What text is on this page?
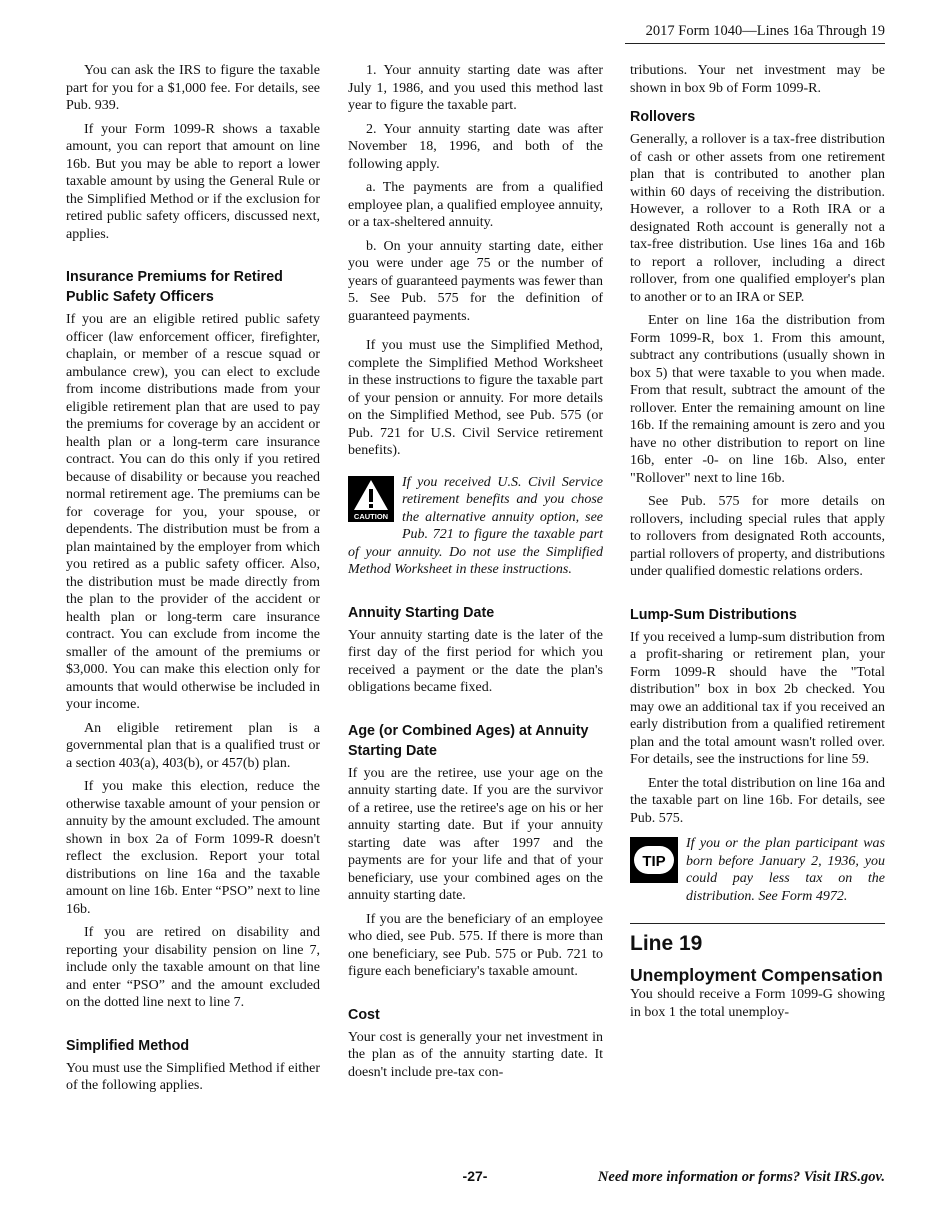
2017 Form 1040—Lines 16a Through 19

You can ask the IRS to figure the taxable part for you for a $1,000 fee. For details, see Pub. 939.

If your Form 1099-R shows a taxable amount, you can report that amount on line 16b. But you may be able to report a lower taxable amount by using the General Rule or the Simplified Method or if the exclusion for retired public safety officers, discussed next, applies.

Insurance Premiums for Retired Public Safety Officers

If you are an eligible retired public safety officer (law enforcement officer, firefighter, chaplain, or member of a rescue squad or ambulance crew), you can elect to exclude from income distributions made from your eligible retirement plan that are used to pay the premiums for coverage by an accident or health plan or a long-term care insurance contract. You can do this only if you retired because of disability or because you reached normal retirement age. The premiums can be for coverage for you, your spouse, or dependents. The distribution must be from a plan maintained by the employer from which you retired as a public safety officer. Also, the distribution must be made directly from the plan to the provider of the accident or health plan or long-term care insurance contract. You can exclude from income the smaller of the amount of the premiums or $3,000. You can make this election only for amounts that would otherwise be included in your income.

An eligible retirement plan is a governmental plan that is a qualified trust or a section 403(a), 403(b), or 457(b) plan.

If you make this election, reduce the otherwise taxable amount of your pension or annuity by the amount excluded. The amount shown in box 2a of Form 1099-R doesn't reflect the exclusion. Report your total distributions on line 16a and the taxable amount on line 16b. Enter “PSO” next to line 16b.

If you are retired on disability and reporting your disability pension on line 7, include only the taxable amount on that line and enter “PSO” and the amount excluded on the dotted line next to line 7.

Simplified Method

You must use the Simplified Method if either of the following applies.

1. Your annuity starting date was after July 1, 1986, and you used this method last year to figure the taxable part.

2. Your annuity starting date was after November 18, 1996, and both of the following apply.

a. The payments are from a qualified employee plan, a qualified employee annuity, or a tax-sheltered annuity.

b. On your annuity starting date, either you were under age 75 or the number of years of guaranteed payments was fewer than 5. See Pub. 575 for the definition of guaranteed payments.

If you must use the Simplified Method, complete the Simplified Method Worksheet in these instructions to figure the taxable part of your pension or annuity. For more details on the Simplified Method, see Pub. 575 (or Pub. 721 for U.S. Civil Service retirement benefits).

CAUTION

If you received U.S. Civil Service retirement benefits and you chose the alternative annuity option, see Pub. 721 to figure the taxable part of your annuity. Do not use the Simplified Method Worksheet in these instructions.

Annuity Starting Date

Your annuity starting date is the later of the first day of the first period for which you received a payment or the date the plan's obligations became fixed.

Age (or Combined Ages) at Annuity Starting Date

If you are the retiree, use your age on the annuity starting date. If you are the survivor of a retiree, use the retiree's age on his or her annuity starting date. But if your annuity starting date was after 1997 and the payments are for your life and that of your beneficiary, use your combined ages on the annuity starting date.

If you are the beneficiary of an employee who died, see Pub. 575. If there is more than one beneficiary, see Pub. 575 or Pub. 721 to figure each beneficiary's taxable amount.

Cost

Your cost is generally your net investment in the plan as of the annuity starting date. It doesn't include pre-tax con-

tributions. Your net investment may be shown in box 9b of Form 1099-R.

Rollovers

Generally, a rollover is a tax-free distribution of cash or other assets from one retirement plan that is contributed to another plan within 60 days of receiving the distribution. However, a rollover to a Roth IRA or a designated Roth account is generally not a tax-free distribution. Use lines 16a and 16b to report a rollover, including a direct rollover, from one qualified employer's plan to another or to an IRA or SEP.

Enter on line 16a the distribution from Form 1099-R, box 1. From this amount, subtract any contributions (usually shown in box 5) that were taxable to you when made. From that result, subtract the amount of the rollover. Enter the remaining amount on line 16b. If the remaining amount is zero and you have no other distribution to report on line 16b, enter -0- on line 16b. Also, enter "Rollover" next to line 16b.

See Pub. 575 for more details on rollovers, including special rules that apply to rollovers from designated Roth accounts, partial rollovers of property, and distributions under qualified domestic relations orders.

Lump-Sum Distributions

If you received a lump-sum distribution from a profit-sharing or retirement plan, your Form 1099-R should have the "Total distribution" box in box 2b checked. You may owe an additional tax if you received an early distribution from a qualified retirement plan and the total amount wasn't rolled over. For details, see the instructions for line 59.

Enter the total distribution on line 16a and the taxable part on line 16b. For details, see Pub. 575.

TIP

If you or the plan participant was born before January 2, 1936, you could pay less tax on the distribution. See Form 4972.

Line 19
Unemployment Compensation

You should receive a Form 1099-G showing in box 1 the total unemploy-

-27-	Need more information or forms? Visit IRS.gov.
